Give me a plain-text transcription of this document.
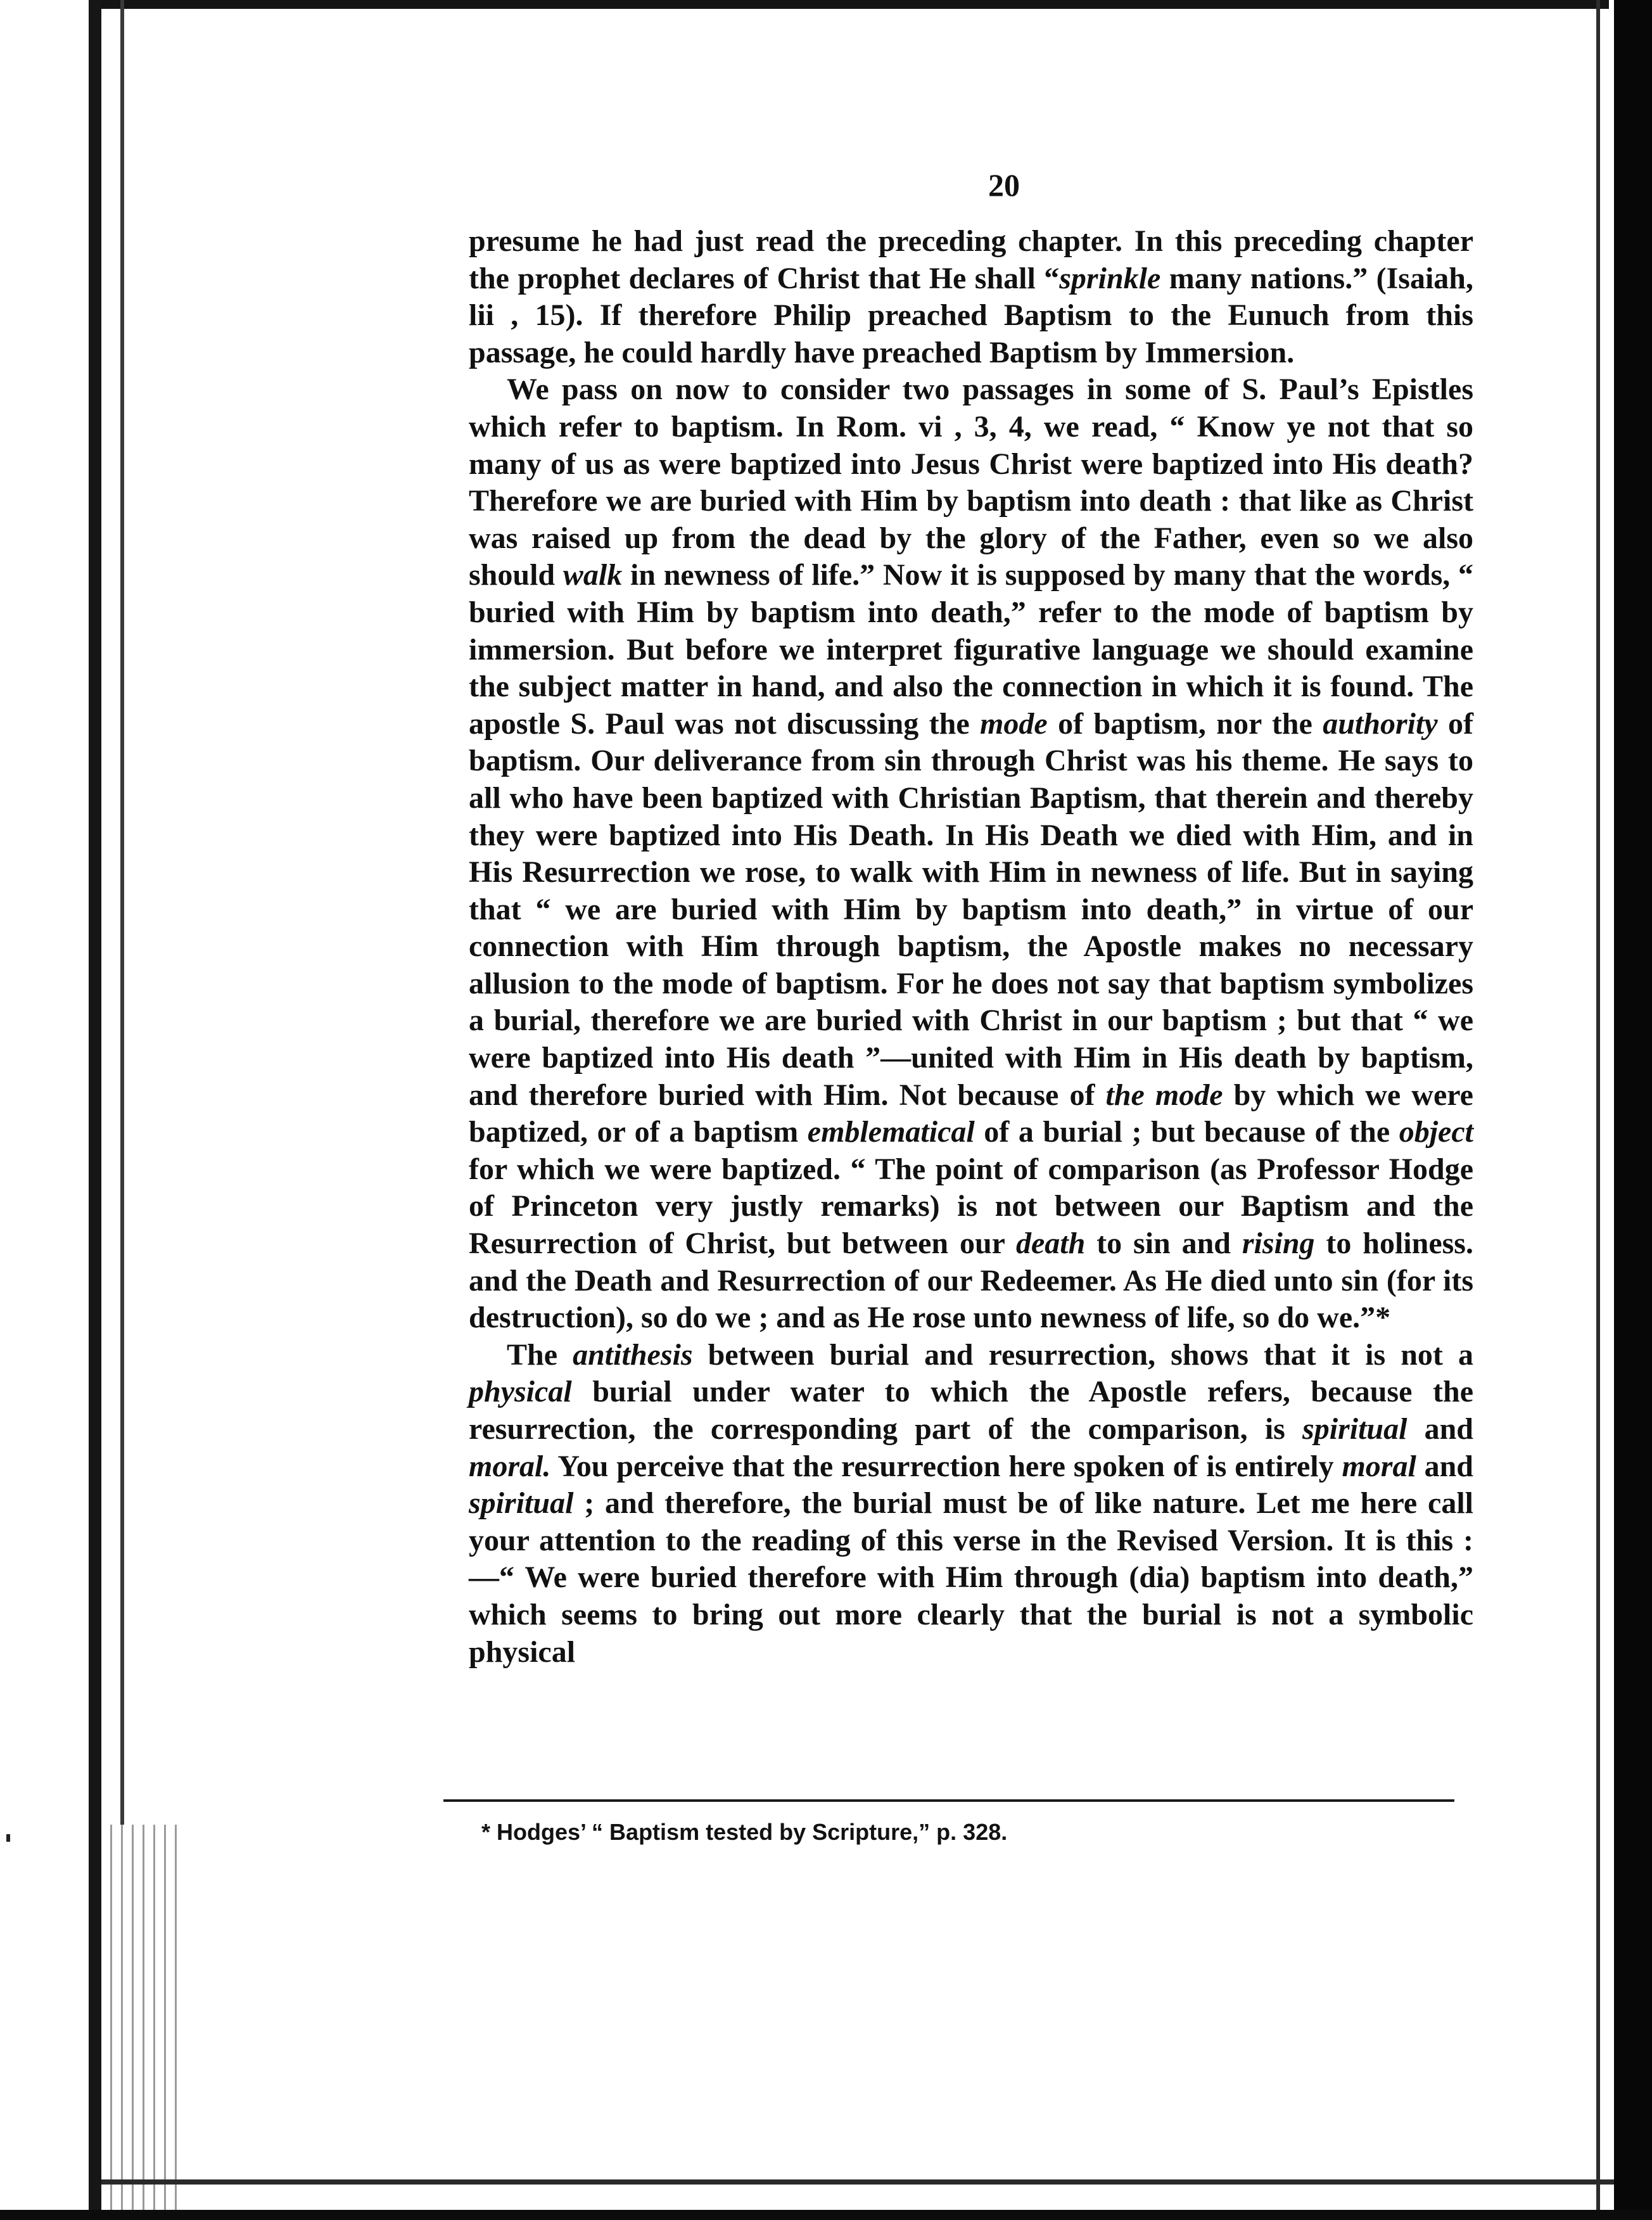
20

presume he had just read the preceding chapter. In this preceding chapter the prophet declares of Christ that He shall “sprinkle many nations.” (Isaiah, lii , 15). If therefore Philip preached Baptism to the Eunuch from this passage, he could hardly have preached Baptism by Immersion.

We pass on now to consider two passages in some of S. Paul’s Epistles which refer to baptism. In Rom. vi , 3, 4, we read, “ Know ye not that so many of us as were baptized into Jesus Christ were baptized into His death? Therefore we are buried with Him by baptism into death : that like as Christ was raised up from the dead by the glory of the Father, even so we also should walk in newness of life.” Now it is supposed by many that the words, “ buried with Him by baptism into death,” refer to the mode of baptism by immersion. But before we interpret figurative language we should examine the subject matter in hand, and also the connection in which it is found. The apostle S. Paul was not discussing the mode of baptism, nor the authority of baptism. Our deliverance from sin through Christ was his theme. He says to all who have been baptized with Christian Baptism, that therein and thereby they were baptized into His Death. In His Death we died with Him, and in His Resurrection we rose, to walk with Him in newness of life. But in saying that “ we are buried with Him by baptism into death,” in virtue of our connection with Him through baptism, the Apostle makes no necessary allusion to the mode of baptism. For he does not say that baptism symbolizes a burial, therefore we are buried with Christ in our baptism ; but that “ we were baptized into His death ”—united with Him in His death by baptism, and therefore buried with Him. Not because of the mode by which we were baptized, or of a baptism emblematical of a burial ; but because of the object for which we were baptized. “ The point of comparison (as Professor Hodge of Princeton very justly remarks) is not between our Baptism and the Resurrection of Christ, but between our death to sin and rising to holiness. and the Death and Resurrection of our Redeemer. As He died unto sin (for its destruction), so do we ; and as He rose unto newness of life, so do we.”*

The antithesis between burial and resurrection, shows that it is not a physical burial under water to which the Apostle refers, because the resurrection, the corresponding part of the comparison, is spiritual and moral. You perceive that the resurrection here spoken of is entirely moral and spiritual ; and therefore, the burial must be of like nature. Let me here call your attention to the reading of this verse in the Revised Version. It is this :—“ We were buried therefore with Him through (dia) baptism into death,” which seems to bring out more clearly that the burial is not a symbolic physical

* Hodges’ “ Baptism tested by Scripture,” p. 328.
